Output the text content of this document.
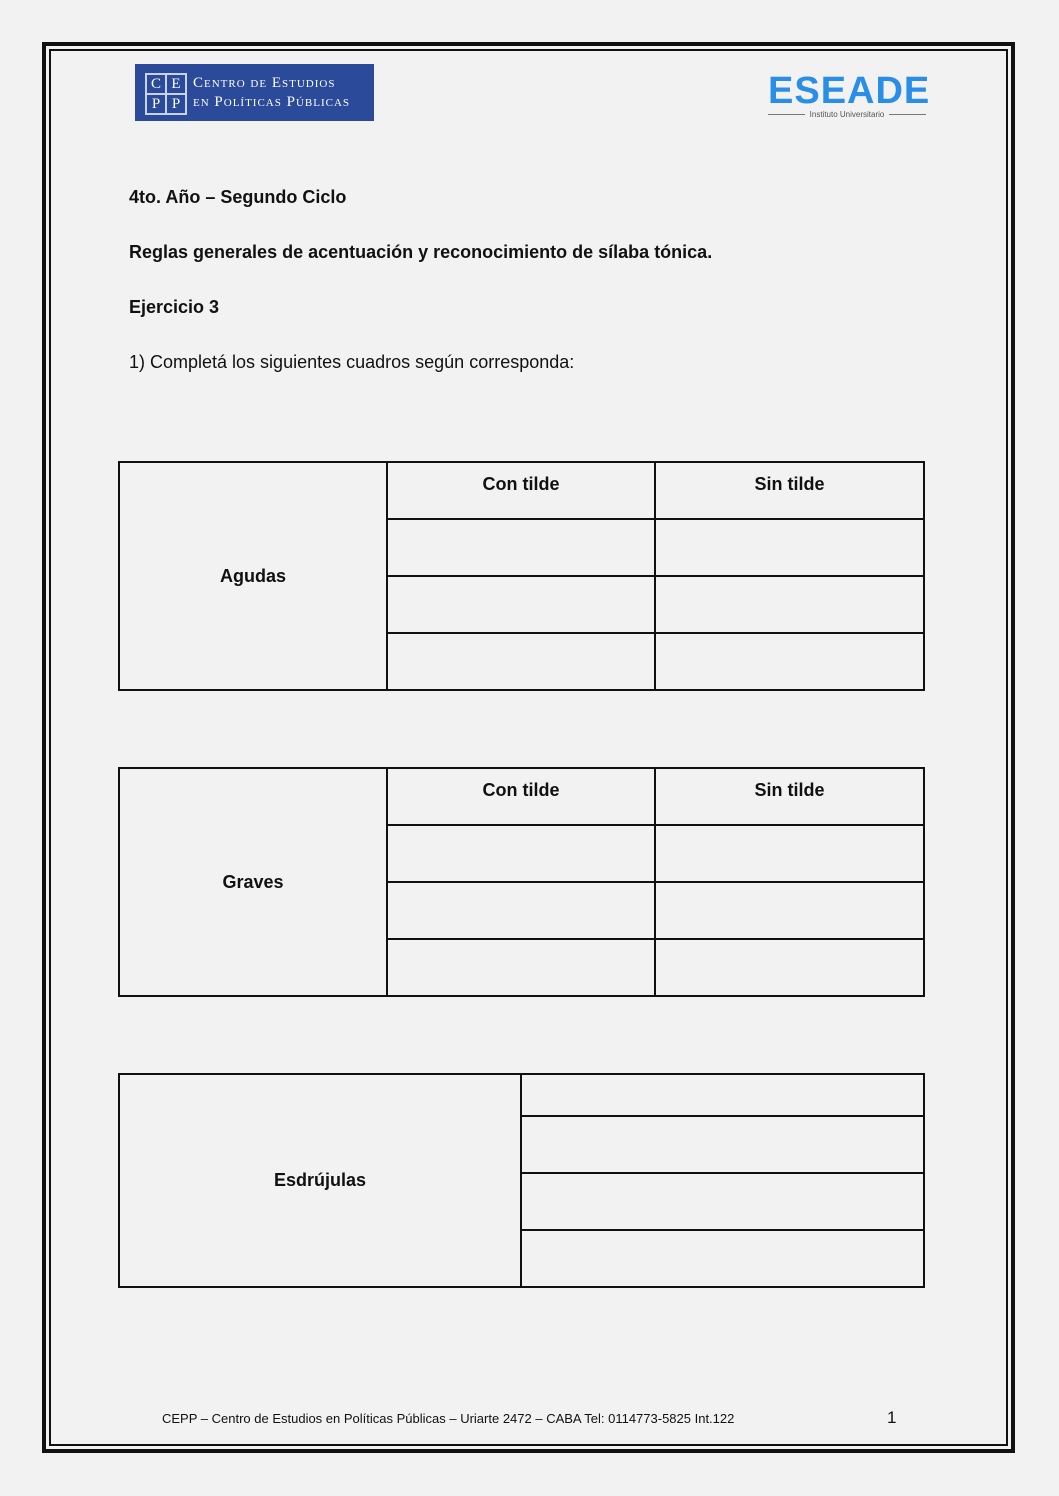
C E
P P
Centro de Estudios
en Políticas Públicas	ESEADE
Instituto Universitario
4to. Año – Segundo Ciclo
Reglas generales de acentuación y reconocimiento de sílaba tónica.
Ejercicio 3
1) Completá los siguientes cuadros según corresponda:
Agudas	Con tilde	Sin tilde

Graves	Con tilde	Sin tilde

Esdrújulas	

CEPP – Centro de Estudios en Políticas Públicas – Uriarte 2472 – CABA Tel: 0114773-5825 Int.122	1
